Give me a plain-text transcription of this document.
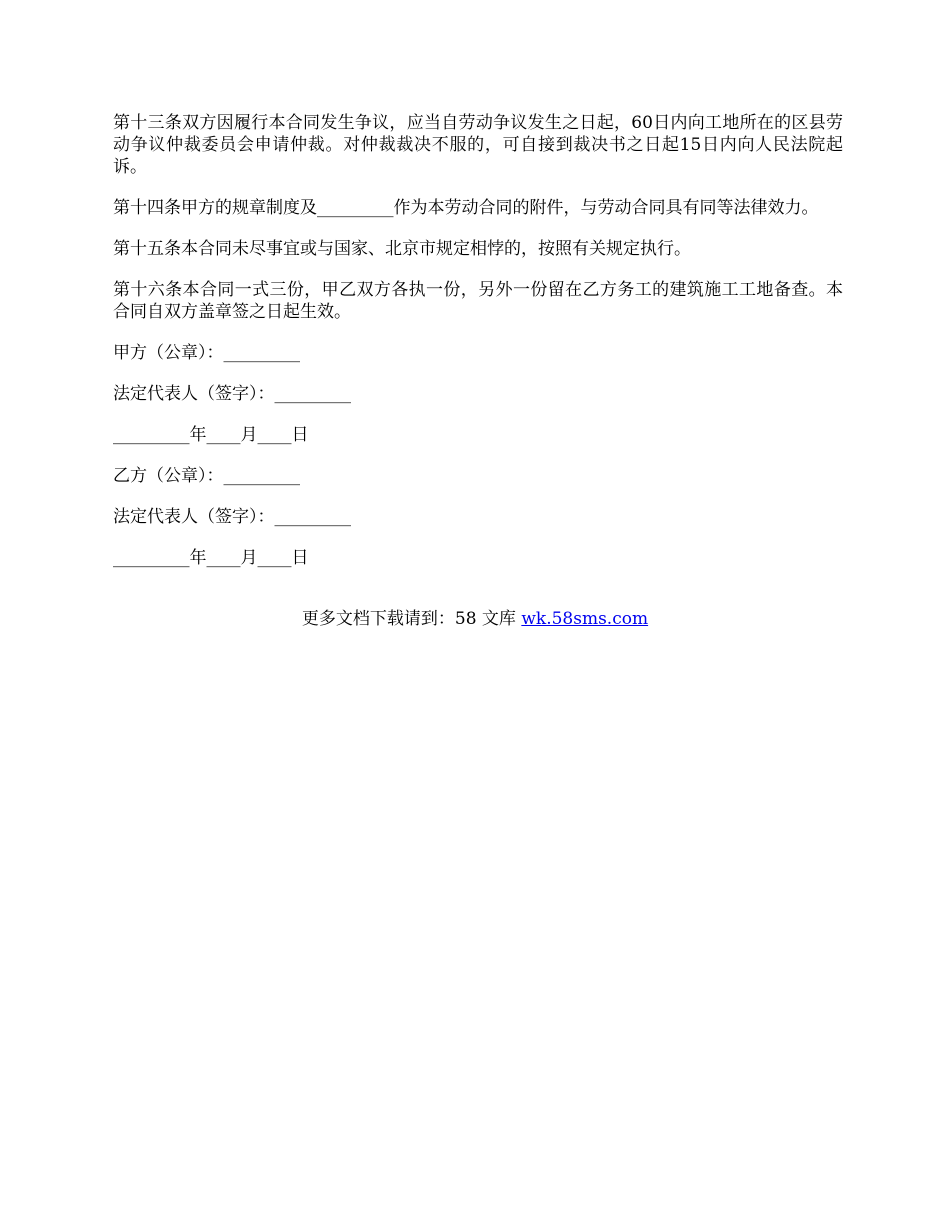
第十三条双方因履行本合同发生争议，应当自劳动争议发生之日起，60日内向工地所在的区县劳动争议仲裁委员会申请仲裁。对仲裁裁决不服的，可自接到裁决书之日起15日内向人民法院起诉。

第十四条甲方的规章制度及_________作为本劳动合同的附件，与劳动合同具有同等法律效力。

第十五条本合同未尽事宜或与国家、北京市规定相悖的，按照有关规定执行。

第十六条本合同一式三份，甲乙双方各执一份，另外一份留在乙方务工的建筑施工工地备查。本合同自双方盖章签之日起生效。

甲方（公章）：_________

法定代表人（签字）：_________

_________年____月____日

乙方（公章）：_________

法定代表人（签字）：_________

_________年____月____日

更多文档下载请到：58 文库 wk.58sms.com
